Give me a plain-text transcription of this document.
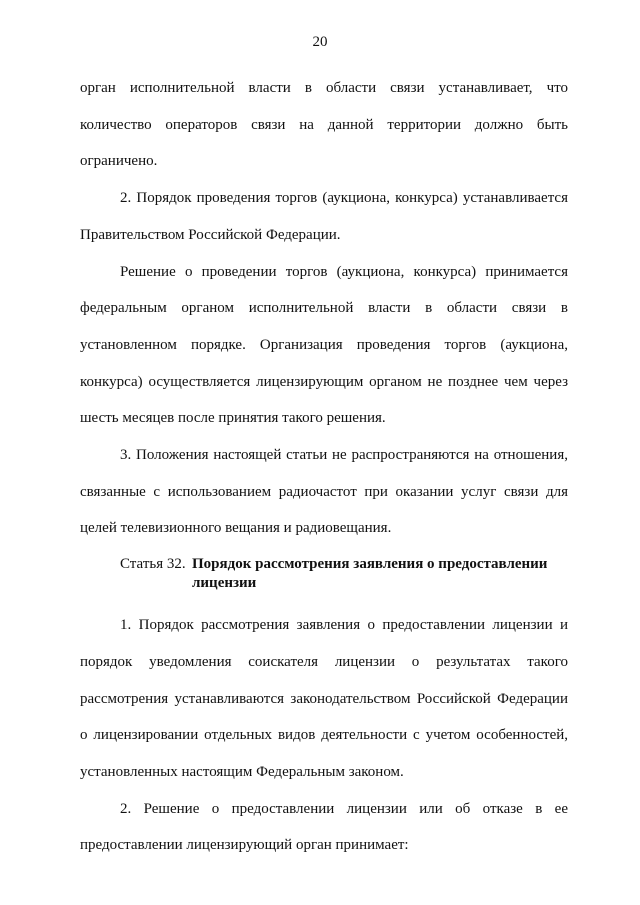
20

орган исполнительной власти в области связи устанавливает, что количество операторов связи на данной территории должно быть ограничено.

2. Порядок проведения торгов (аукциона, конкурса) устанавливается Правительством Российской Федерации.

Решение о проведении торгов (аукциона, конкурса) принимается федеральным органом исполнительной власти в области связи в установленном порядке. Организация проведения торгов (аукциона, конкурса) осуществляется лицензирующим органом не позднее чем через шесть месяцев после принятия такого решения.

3. Положения настоящей статьи не распространяются на отношения, связанные с использованием радиочастот при оказании услуг связи для целей телевизионного вещания и радиовещания.

Статья 32. Порядок рассмотрения заявления о предоставлении лицензии

1. Порядок рассмотрения заявления о предоставлении лицензии и порядок уведомления соискателя лицензии о результатах такого рассмотрения устанавливаются законодательством Российской Федерации о лицензировании отдельных видов деятельности с учетом особенностей, установленных настоящим Федеральным законом.

2. Решение о предоставлении лицензии или об отказе в ее предоставлении лицензирующий орган принимает:
